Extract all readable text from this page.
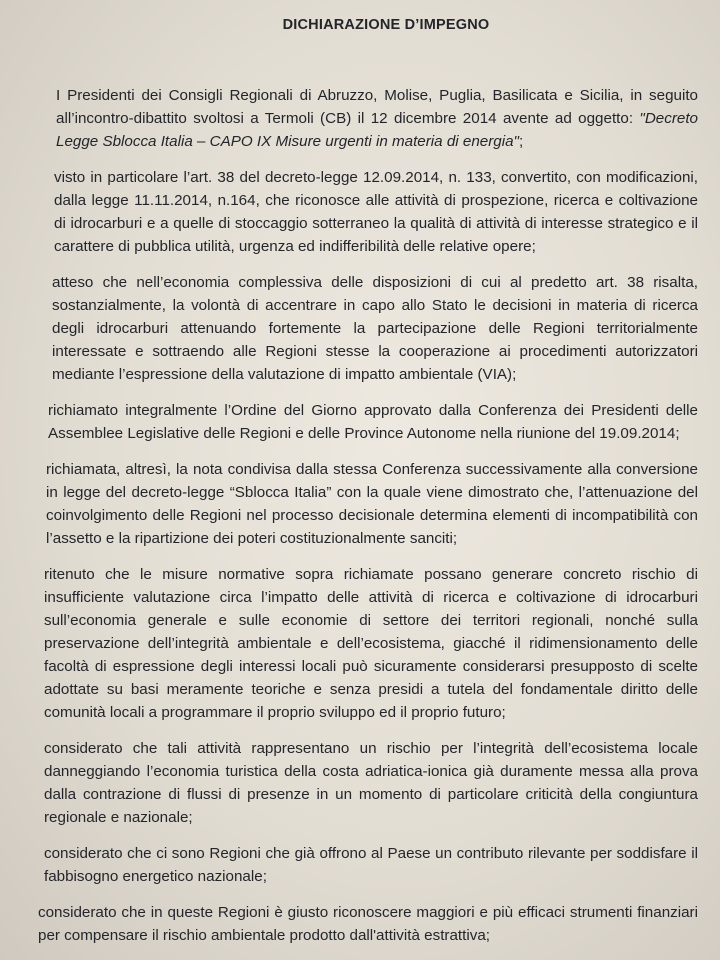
DICHIARAZIONE D’IMPEGNO

I Presidenti dei Consigli Regionali di Abruzzo, Molise, Puglia, Basilicata e Sicilia, in seguito all’incontro-dibattito svoltosi a Termoli (CB) il 12 dicembre 2014 avente ad oggetto: "Decreto Legge Sblocca Italia – CAPO IX Misure urgenti in materia di energia";

visto in particolare l’art. 38 del decreto-legge 12.09.2014, n. 133, convertito, con modificazioni, dalla legge 11.11.2014, n.164, che riconosce alle attività di prospezione, ricerca e coltivazione di idrocarburi e a quelle di stoccaggio sotterraneo la qualità di attività di interesse strategico e il carattere di pubblica utilità, urgenza ed indifferibilità delle relative opere;

atteso che nell’economia complessiva delle disposizioni di cui al predetto art. 38 risalta, sostanzialmente, la volontà di accentrare in capo allo Stato le decisioni in materia di ricerca degli idrocarburi attenuando fortemente la partecipazione delle Regioni territorialmente interessate e sottraendo alle Regioni stesse la cooperazione ai procedimenti autorizzatori mediante l’espressione della valutazione di impatto ambientale (VIA);

richiamato integralmente l’Ordine del Giorno approvato dalla Conferenza dei Presidenti delle Assemblee Legislative delle Regioni e delle Province Autonome nella riunione del 19.09.2014;

richiamata, altresì, la nota condivisa dalla stessa Conferenza successivamente alla conversione in legge del decreto-legge “Sblocca Italia” con la quale viene dimostrato che, l’attenuazione del coinvolgimento delle Regioni nel processo decisionale determina elementi di incompatibilità con l’assetto e la ripartizione dei poteri costituzionalmente sanciti;

ritenuto che le misure normative sopra richiamate possano generare concreto rischio di insufficiente valutazione circa l’impatto delle attività di ricerca e coltivazione di idrocarburi sull’economia generale e sulle economie di settore dei territori regionali, nonché sulla preservazione dell’integrità ambientale e dell’ecosistema, giacché il ridimensionamento delle facoltà di espressione degli interessi locali può sicuramente considerarsi presupposto di scelte adottate su basi meramente teoriche e senza presidi a tutela del fondamentale diritto delle comunità locali a programmare il proprio sviluppo ed il proprio futuro;

considerato che tali attività rappresentano un rischio per l’integrità dell’ecosistema locale danneggiando l’economia turistica della costa adriatica-ionica già duramente messa alla prova dalla contrazione di flussi di presenze in un momento di particolare criticità della congiuntura regionale e nazionale;

considerato che ci sono Regioni che già offrono al Paese un contributo rilevante per soddisfare il fabbisogno energetico nazionale;

considerato che in queste Regioni è giusto riconoscere maggiori e più efficaci strumenti finanziari per compensare il rischio ambientale prodotto dall'attività estrattiva;
